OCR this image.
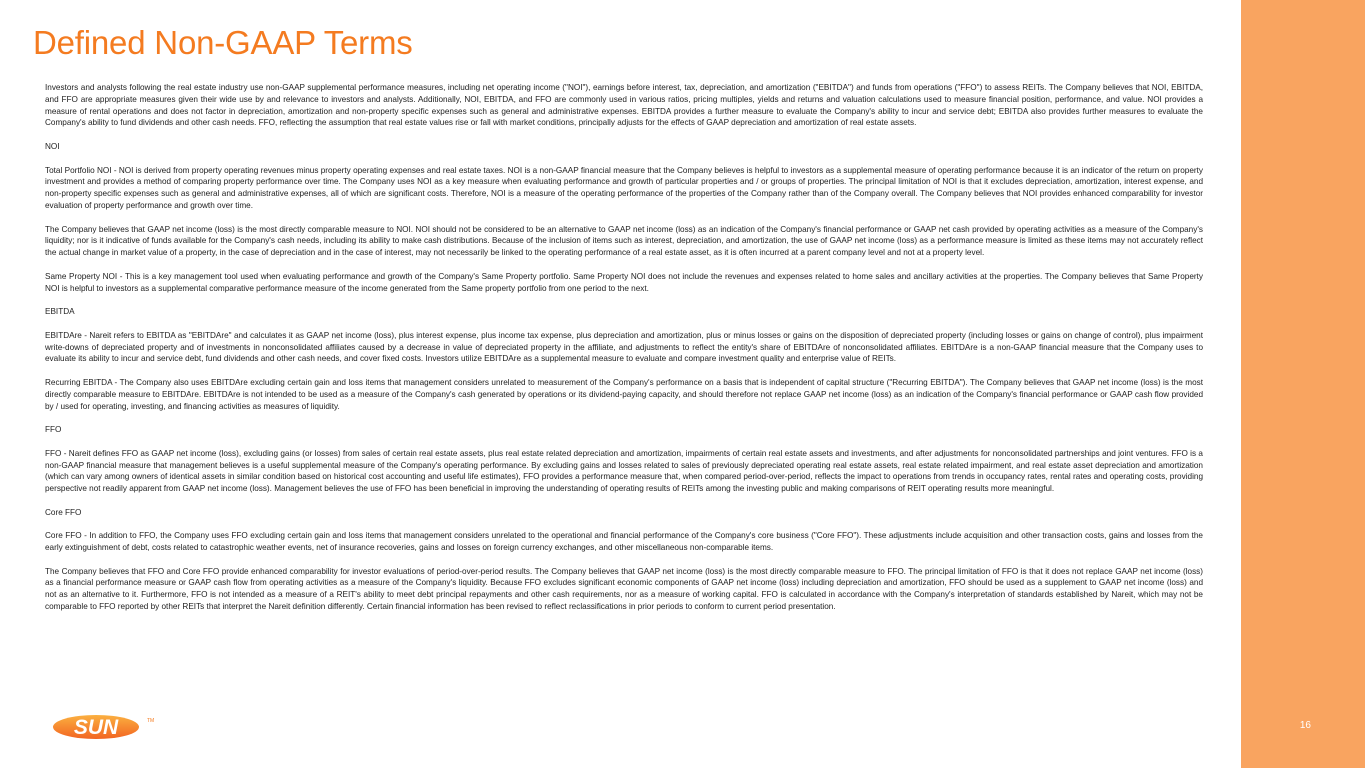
16
Defined Non-GAAP Terms

Investors and analysts following the real estate industry use non-GAAP supplemental performance measures, including net operating income ("NOI"), earnings before interest, tax, depreciation, and amortization ("EBITDA") and funds from operations ("FFO") to assess REITs. The Company believes that NOI, EBITDA, and FFO are appropriate measures given their wide use by and relevance to investors and analysts. Additionally, NOI, EBITDA, and FFO are commonly used in various ratios, pricing multiples, yields and returns and valuation calculations used to measure financial position, performance, and value. NOI provides a measure of rental operations and does not factor in depreciation, amortization and non-property specific expenses such as general and administrative expenses. EBITDA provides a further measure to evaluate the Company's ability to incur and service debt; EBITDA also provides further measures to evaluate the Company's ability to fund dividends and other cash needs. FFO, reflecting the assumption that real estate values rise or fall with market conditions, principally adjusts for the effects of GAAP depreciation and amortization of real estate assets.

NOI

Total Portfolio NOI - NOI is derived from property operating revenues minus property operating expenses and real estate taxes. NOI is a non-GAAP financial measure that the Company believes is helpful to investors as a supplemental measure of operating performance because it is an indicator of the return on property investment and provides a method of comparing property performance over time. The Company uses NOI as a key measure when evaluating performance and growth of particular properties and / or groups of properties. The principal limitation of NOI is that it excludes depreciation, amortization, interest expense, and non-property specific expenses such as general and administrative expenses, all of which are significant costs. Therefore, NOI is a measure of the operating performance of the properties of the Company rather than of the Company overall. The Company believes that NOI provides enhanced comparability for investor evaluation of property performance and growth over time.

The Company believes that GAAP net income (loss) is the most directly comparable measure to NOI. NOI should not be considered to be an alternative to GAAP net income (loss) as an indication of the Company's financial performance or GAAP net cash provided by operating activities as a measure of the Company's liquidity; nor is it indicative of funds available for the Company's cash needs, including its ability to make cash distributions. Because of the inclusion of items such as interest, depreciation, and amortization, the use of GAAP net income (loss) as a performance measure is limited as these items may not accurately reflect the actual change in market value of a property, in the case of depreciation and in the case of interest, may not necessarily be linked to the operating performance of a real estate asset, as it is often incurred at a parent company level and not at a property level.

Same Property NOI - This is a key management tool used when evaluating performance and growth of the Company's Same Property portfolio. Same Property NOI does not include the revenues and expenses related to home sales and ancillary activities at the properties. The Company believes that Same Property NOI is helpful to investors as a supplemental comparative performance measure of the income generated from the Same property portfolio from one period to the next.

EBITDA

EBITDAre - Nareit refers to EBITDA as "EBITDAre" and calculates it as GAAP net income (loss), plus interest expense, plus income tax expense, plus depreciation and amortization, plus or minus losses or gains on the disposition of depreciated property (including losses or gains on change of control), plus impairment write-downs of depreciated property and of investments in nonconsolidated affiliates caused by a decrease in value of depreciated property in the affiliate, and adjustments to reflect the entity's share of EBITDAre of nonconsolidated affiliates. EBITDAre is a non-GAAP financial measure that the Company uses to evaluate its ability to incur and service debt, fund dividends and other cash needs, and cover fixed costs. Investors utilize EBITDAre as a supplemental measure to evaluate and compare investment quality and enterprise value of REITs.

Recurring EBITDA - The Company also uses EBITDAre excluding certain gain and loss items that management considers unrelated to measurement of the Company's performance on a basis that is independent of capital structure ("Recurring EBITDA"). The Company believes that GAAP net income (loss) is the most directly comparable measure to EBITDAre. EBITDAre is not intended to be used as a measure of the Company's cash generated by operations or its dividend-paying capacity, and should therefore not replace GAAP net income (loss) as an indication of the Company's financial performance or GAAP cash flow provided by / used for operating, investing, and financing activities as measures of liquidity.

FFO

FFO - Nareit defines FFO as GAAP net income (loss), excluding gains (or losses) from sales of certain real estate assets, plus real estate related depreciation and amortization, impairments of certain real estate assets and investments, and after adjustments for nonconsolidated partnerships and joint ventures. FFO is a non-GAAP financial measure that management believes is a useful supplemental measure of the Company's operating performance. By excluding gains and losses related to sales of previously depreciated operating real estate assets, real estate related impairment, and real estate asset depreciation and amortization (which can vary among owners of identical assets in similar condition based on historical cost accounting and useful life estimates), FFO provides a performance measure that, when compared period-over-period, reflects the impact to operations from trends in occupancy rates, rental rates and operating costs, providing perspective not readily apparent from GAAP net income (loss). Management believes the use of FFO has been beneficial in improving the understanding of operating results of REITs among the investing public and making comparisons of REIT operating results more meaningful.

Core FFO

Core FFO - In addition to FFO, the Company uses FFO excluding certain gain and loss items that management considers unrelated to the operational and financial performance of the Company's core business ("Core FFO"). These adjustments include acquisition and other transaction costs, gains and losses from the early extinguishment of debt, costs related to catastrophic weather events, net of insurance recoveries, gains and losses on foreign currency exchanges, and other miscellaneous non-comparable items.

The Company believes that FFO and Core FFO provide enhanced comparability for investor evaluations of period-over-period results. The Company believes that GAAP net income (loss) is the most directly comparable measure to FFO. The principal limitation of FFO is that it does not replace GAAP net income (loss) as a financial performance measure or GAAP cash flow from operating activities as a measure of the Company's liquidity. Because FFO excludes significant economic components of GAAP net income (loss) including depreciation and amortization, FFO should be used as a supplement to GAAP net income (loss) and not as an alternative to it. Furthermore, FFO is not intended as a measure of a REIT's ability to meet debt principal repayments and other cash requirements, nor as a measure of working capital. FFO is calculated in accordance with the Company's interpretation of standards established by Nareit, which may not be comparable to FFO reported by other REITs that interpret the Nareit definition differently. Certain financial information has been revised to reflect reclassifications in prior periods to conform to current period presentation.

SUN	TM
